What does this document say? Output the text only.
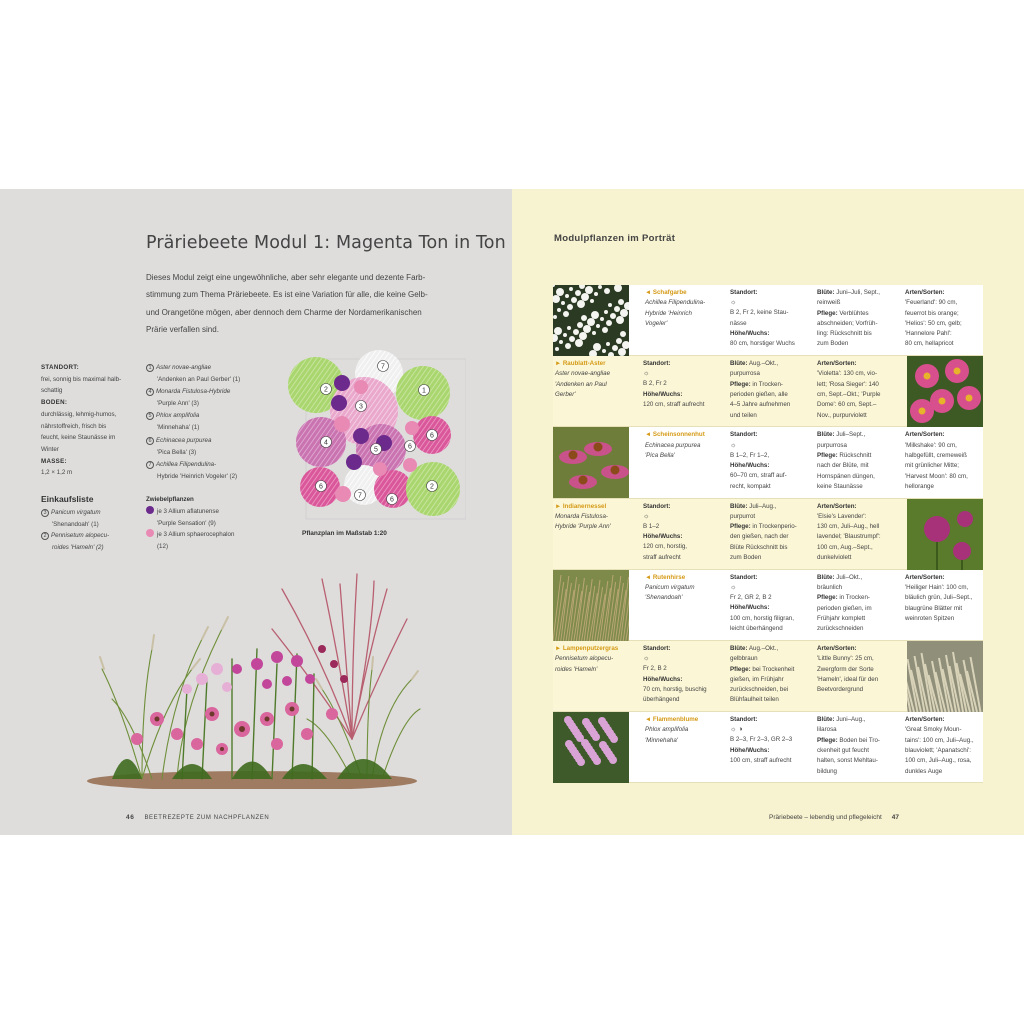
Präriebeete Modul 1: Magenta Ton in Ton
Dieses Modul zeigt eine ungewöhnliche, aber sehr elegante und dezente Farb-
stimmung zum Thema Präriebeete. Es ist eine Variation für alle, die keine Gelb-
und Orangetöne mögen, aber dennoch dem Charme der Nordamerikanischen
Prärie verfallen sind.
STANDORT:
frei, sonnig bis maximal halb-
schattig
BODEN:
durchlässig, lehmig-humos,
nährstoffreich, frisch bis
feucht, keine Staunässe im
Winter
MASSE:
1,2 × 1,2 m
1 Aster novae-angliae
'Andenken an Paul Gerber' (1)
4 Monarda Fistulosa-Hybride
'Purple Ann' (3)
5 Phlox amplifolia
'Minnehaha' (1)
6 Echinacea purpurea
'Pica Bella' (3)
7 Achillea Filipendulina-
Hybride 'Heinrich Vogeler' (2)
Einkaufsliste
3 Panicum virgatum
'Shenandoah' (1)
2 Pennisetum alopecu-
roides 'Hameln' (2)
Zwiebelpflanzen
je 3 Allium aflatunense
'Purple Sensation' (9)
je 3 Allium sphaerocephalon
(12)
7
1
2
3
5
4
6
6
2
6
7
6
Pflanzplan im Maßstab 1:20
46 BEETREZEPTE ZUM NACHPFLANZEN
Modulpflanzen im Porträt
◄ Schafgarbe
Achillea Filipendulina-
Hybride 'Heinrich
Vogeler'
Standort:
☼
B 2, Fr 2, keine Stau-
nässe
Höhe/Wuchs:
80 cm, horstiger Wuchs
Blüte: Juni–Juli, Sept.,
reinweiß
Pflege: Verblühtes
abschneiden; Vorfrüh-
ling: Rückschnitt bis
zum Boden
Arten/Sorten:
'Feuerland': 90 cm,
feuerrot bis orange;
'Helios': 50 cm, gelb;
'Hannelore Pahl':
80 cm, hellapricot
► Raublatt-Aster
Aster novae-angliae
'Andenken an Paul
Gerber'
Standort:
☼
B 2, Fr 2
Höhe/Wuchs:
120 cm, straff aufrecht
Blüte: Aug.–Okt.,
purpurrosa
Pflege: in Trocken-
perioden gießen, alle
4–5 Jahre aufnehmen
und teilen
Arten/Sorten:
'Violetta': 130 cm, vio-
lett; 'Rosa Sieger': 140
cm, Sept.–Okt.; 'Purple
Dome': 60 cm, Sept.–
Nov., purpurviolett
◄ Scheinsonnenhut
Echinacea purpurea
'Pica Bella'
Standort:
☼
B 1–2, Fr 1–2,
Höhe/Wuchs:
60–70 cm, straff auf-
recht, kompakt
Blüte: Juli–Sept.,
purpurrosa
Pflege: Rückschnitt
nach der Blüte, mit
Hornspänen düngen,
keine Staunässe
Arten/Sorten:
'Milkshake': 90 cm,
halbgefüllt, cremeweiß
mit grünlicher Mitte;
'Harvest Moon': 80 cm,
hellorange
► Indianernessel
Monarda Fistulosa-
Hybride 'Purple Ann'
Standort:
☼
B 1–2
Höhe/Wuchs:
120 cm, horstig,
straff aufrecht
Blüte: Juli–Aug.,
purpurrot
Pflege: in Trockenperio-
den gießen, nach der
Blüte Rückschnitt bis
zum Boden
Arten/Sorten:
'Elsie's Lavender':
130 cm, Juli–Aug., hell
lavendel; 'Blaustrumpf':
100 cm, Aug.–Sept.,
dunkelviolett
◄ Rutenhirse
Panicum virgatum
'Shenandoah'
Standort:
☼
Fr 2, GR 2, B 2
Höhe/Wuchs:
100 cm, horstig filigran,
leicht überhängend
Blüte: Juli–Okt.,
bräunlich
Pflege: in Trocken-
perioden gießen, im
Frühjahr komplett
zurückschneiden
Arten/Sorten:
'Heiliger Hain': 100 cm,
bläulich grün, Juli–Sept.,
blaugrüne Blätter mit
weinroten Spitzen
► Lampenputzergras
Pennisetum alopecu-
roides 'Hameln'
Standort:
☼
Fr 2, B 2
Höhe/Wuchs:
70 cm, horstig, buschig
überhängend
Blüte: Aug.–Okt.,
gelbbraun
Pflege: bei Trockenheit
gießen, im Frühjahr
zurückschneiden, bei
Blühfaulheit teilen
Arten/Sorten:
'Little Bunny': 25 cm,
Zwergform der Sorte
'Hameln', ideal für den
Beetvordergrund
◄ Flammenblume
Phlox amplifolia
'Minnehaha'
Standort:
☼ ◑
B 2–3, Fr 2–3, GR 2–3
Höhe/Wuchs:
100 cm, straff aufrecht
Blüte: Juni–Aug.,
lilarosa
Pflege: Boden bei Tro-
ckenheit gut feucht
halten, sonst Mehltau-
bildung
Arten/Sorten:
'Great Smoky Moun-
tains': 100 cm, Juli–Aug.,
blauviolett; 'Apanatschi':
100 cm, Juli–Aug., rosa,
dunkles Auge
Präriebeete – lebendig und pflegeleicht 47
